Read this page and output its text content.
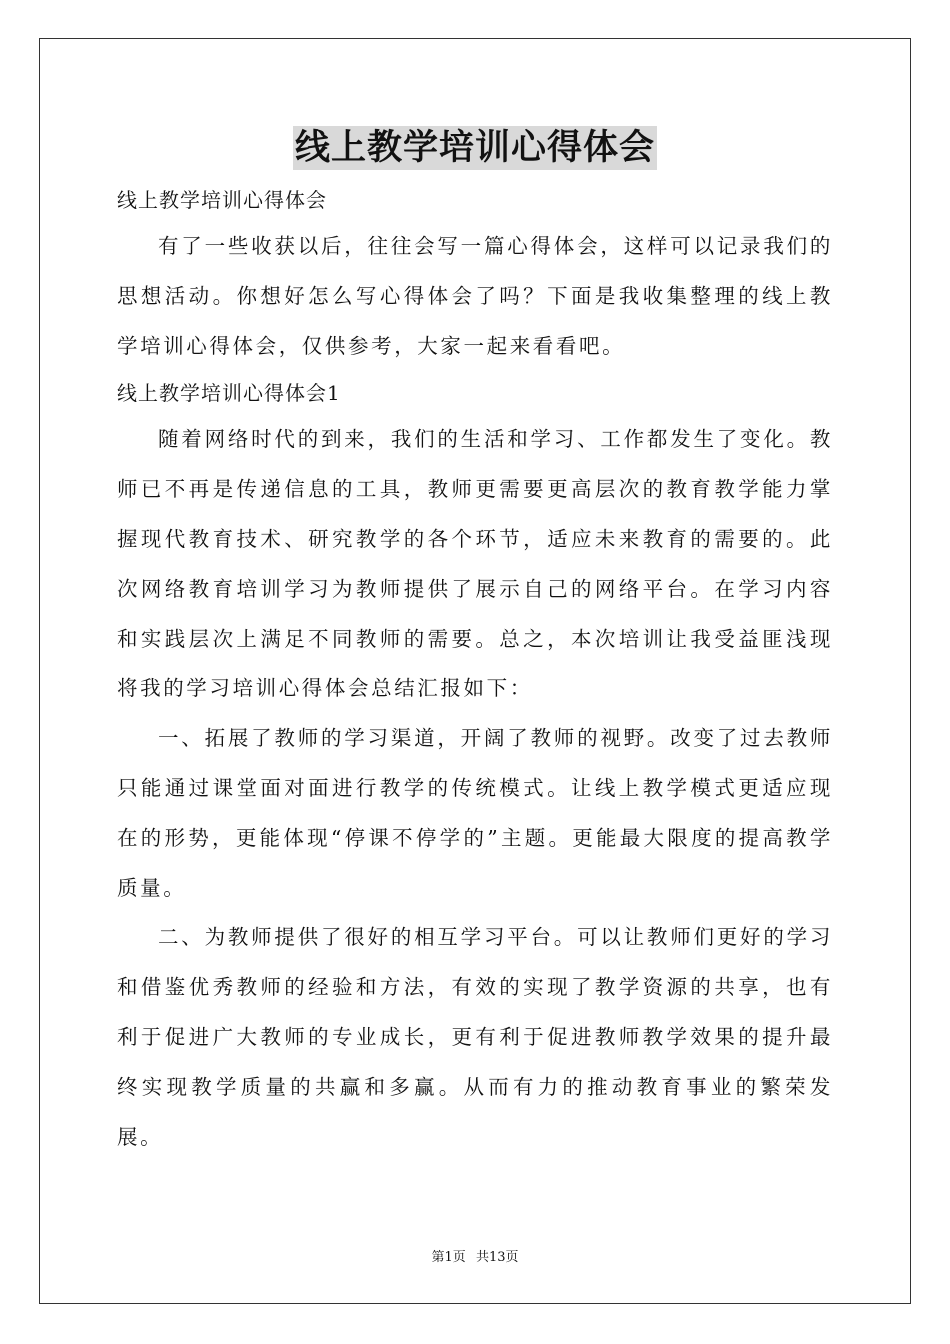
线上教学培训心得体会

线上教学培训心得体会

有了一些收获以后，往往会写一篇心得体会，这样可以记录我们的思想活动。你想好怎么写心得体会了吗？下面是我收集整理的线上教学培训心得体会，仅供参考，大家一起来看看吧。

线上教学培训心得体会1

随着网络时代的到来，我们的生活和学习、工作都发生了变化。教师已不再是传递信息的工具，教师更需要更高层次的教育教学能力掌握现代教育技术、研究教学的各个环节，适应未来教育的需要的。此次网络教育培训学习为教师提供了展示自己的网络平台。在学习内容和实践层次上满足不同教师的需要。总之，本次培训让我受益匪浅现将我的学习培训心得体会总结汇报如下：

一、拓展了教师的学习渠道，开阔了教师的视野。改变了过去教师只能通过课堂面对面进行教学的传统模式。让线上教学模式更适应现在的形势，更能体现“停课不停学的”主题。更能最大限度的提高教学质量。

二、为教师提供了很好的相互学习平台。可以让教师们更好的学习和借鉴优秀教师的经验和方法，有效的实现了教学资源的共享，也有利于促进广大教师的专业成长，更有利于促进教师教学效果的提升最终实现教学质量的共赢和多赢。从而有力的推动教育事业的繁荣发展。

第1页 共13页
